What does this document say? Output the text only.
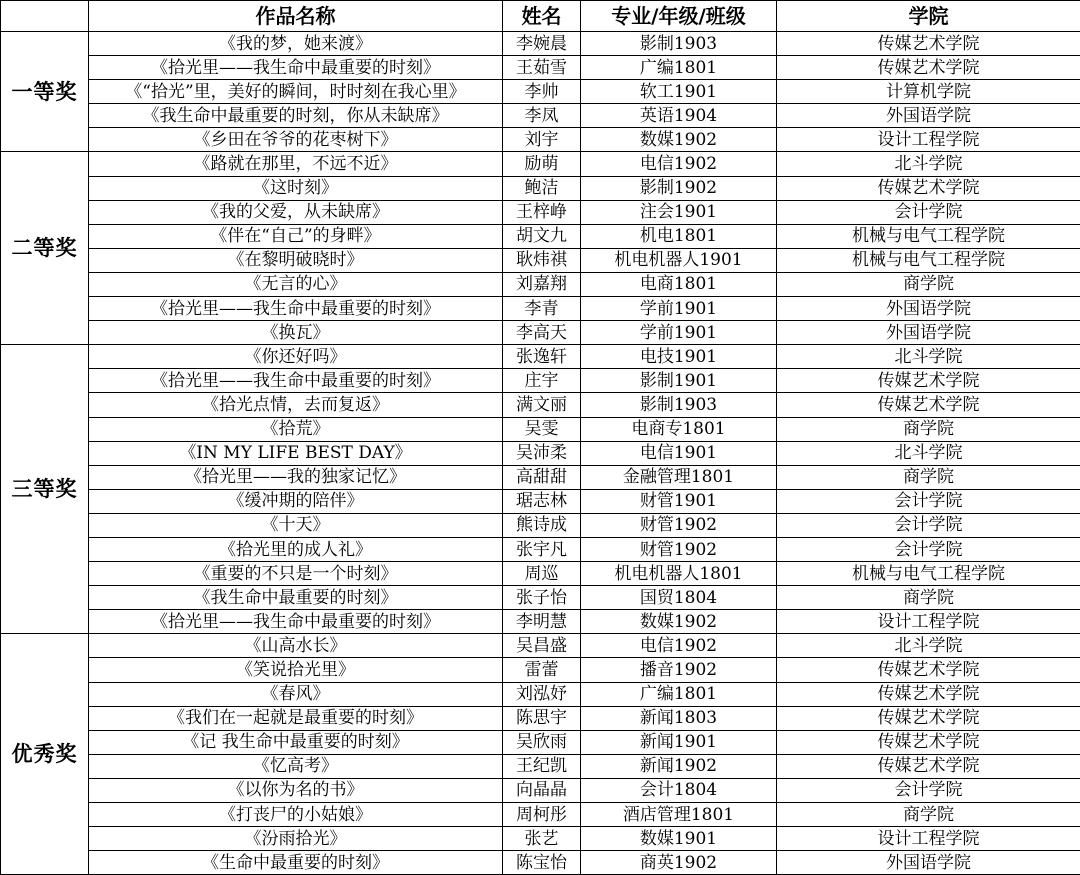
	作品名称	姓名	专业/年级/班级	学院
一等奖	《我的梦，她来渡》	李婉晨	影制1903	传媒艺术学院
	《拾光里——我生命中最重要的时刻》	王茹雪	广编1801	传媒艺术学院
	《“拾光”里，美好的瞬间，时时刻在我心里》	李帅	软工1901	计算机学院
	《我生命中最重要的时刻，你从未缺席》	李凤	英语1904	外国语学院
	《乡田在爷爷的花枣树下》	刘宇	数媒1902	设计工程学院
二等奖	《路就在那里，不远不近》	励萌	电信1902	北斗学院
	《这时刻》	鲍洁	影制1902	传媒艺术学院
	《我的父爱，从未缺席》	王梓峥	注会1901	会计学院
	《伴在“自己”的身畔》	胡文九	机电1801	机械与电气工程学院
	《在黎明破晓时》	耿炜祺	机电机器人1901	机械与电气工程学院
	《无言的心》	刘嘉翔	电商1801	商学院
	《拾光里——我生命中最重要的时刻》	李青	学前1901	外国语学院
	《换瓦》	李高天	学前1901	外国语学院
三等奖	《你还好吗》	张逸轩	电技1901	北斗学院
	《拾光里——我生命中最重要的时刻》	庄宇	影制1901	传媒艺术学院
	《拾光点情，去而复返》	满文丽	影制1903	传媒艺术学院
	《拾荒》	吴雯	电商专1801	商学院
	《IN MY LIFE BEST DAY》	吴沛柔	电信1901	北斗学院
	《拾光里——我的独家记忆》	高甜甜	金融管理1801	商学院
	《缓冲期的陪伴》	琚志林	财管1901	会计学院
	《十天》	熊诗成	财管1902	会计学院
	《拾光里的成人礼》	张宇凡	财管1902	会计学院
	《重要的不只是一个时刻》	周巡	机电机器人1801	机械与电气工程学院
	《我生命中最重要的时刻》	张子怡	国贸1804	商学院
	《拾光里——我生命中最重要的时刻》	李明慧	数媒1902	设计工程学院
优秀奖	《山高水长》	吴昌盛	电信1902	北斗学院
	《笑说拾光里》	雷蕾	播音1902	传媒艺术学院
	《春风》	刘泓妤	广编1801	传媒艺术学院
	《我们在一起就是最重要的时刻》	陈思宇	新闻1803	传媒艺术学院
	《记 我生命中最重要的时刻》	吴欣雨	新闻1901	传媒艺术学院
	《忆高考》	王纪凯	新闻1902	传媒艺术学院
	《以你为名的书》	向晶晶	会计1804	会计学院
	《打丧尸的小姑娘》	周柯彤	酒店管理1801	商学院
	《汾雨拾光》	张艺	数媒1901	设计工程学院
	《生命中最重要的时刻》	陈宝怡	商英1902	外国语学院
